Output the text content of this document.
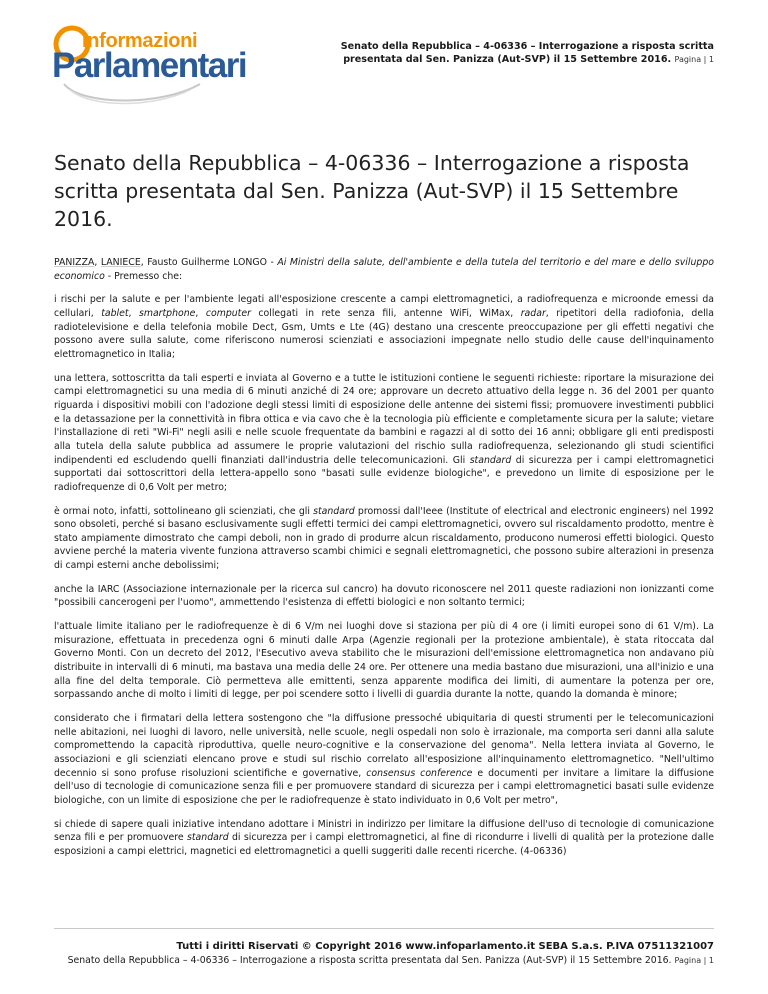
Informazioni
Parlamentari	Senato della Repubblica – 4-06336 – Interrogazione a risposta scritta
presentata dal Sen. Panizza (Aut-SVP) il 15 Settembre 2016. Pagina | 1
Senato della Repubblica – 4-06336 – Interrogazione a risposta
scritta presentata dal Sen. Panizza (Aut-SVP) il 15 Settembre 2016.

PANIZZA, LANIECE, Fausto Guilherme LONGO - Ai Ministri della salute, dell'ambiente e della tutela del territorio e del mare e dello sviluppo economico - Premesso che:

i rischi per la salute e per l'ambiente legati all'esposizione crescente a campi elettromagnetici, a radiofrequenza e microonde emessi da cellulari, tablet, smartphone, computer collegati in rete senza fili, antenne WiFi, WiMax, radar, ripetitori della radiofonia, della radiotelevisione e della telefonia mobile Dect, Gsm, Umts e Lte (4G) destano una crescente preoccupazione per gli effetti negativi che possono avere sulla salute, come riferiscono numerosi scienziati e associazioni impegnate nello studio delle cause dell'inquinamento elettromagnetico in Italia;

una lettera, sottoscritta da tali esperti e inviata al Governo e a tutte le istituzioni contiene le seguenti richieste: riportare la misurazione dei campi elettromagnetici su una media di 6 minuti anziché di 24 ore; approvare un decreto attuativo della legge n. 36 del 2001 per quanto riguarda i dispositivi mobili con l'adozione degli stessi limiti di esposizione delle antenne dei sistemi fissi; promuovere investimenti pubblici e la detassazione per la connettività in fibra ottica e via cavo che è la tecnologia più efficiente e completamente sicura per la salute; vietare l'installazione di reti "Wi-Fi" negli asili e nelle scuole frequentate da bambini e ragazzi al di sotto dei 16 anni; obbligare gli enti predisposti alla tutela della salute pubblica ad assumere le proprie valutazioni del rischio sulla radiofrequenza, selezionando gli studi scientifici indipendenti ed escludendo quelli finanziati dall'industria delle telecomunicazioni. Gli standard di sicurezza per i campi elettromagnetici supportati dai sottoscrittori della lettera-appello sono "basati sulle evidenze biologiche", e prevedono un limite di esposizione per le radiofrequenze di 0,6 Volt per metro;

è ormai noto, infatti, sottolineano gli scienziati, che gli standard promossi dall'Ieee (Institute of electrical and electronic engineers) nel 1992 sono obsoleti, perché si basano esclusivamente sugli effetti termici dei campi elettromagnetici, ovvero sul riscaldamento prodotto, mentre è stato ampiamente dimostrato che campi deboli, non in grado di produrre alcun riscaldamento, producono numerosi effetti biologici. Questo avviene perché la materia vivente funziona attraverso scambi chimici e segnali elettromagnetici, che possono subire alterazioni in presenza di campi esterni anche debolissimi;

anche la IARC (Associazione internazionale per la ricerca sul cancro) ha dovuto riconoscere nel 2011 queste radiazioni non ionizzanti come "possibili cancerogeni per l'uomo", ammettendo l'esistenza di effetti biologici e non soltanto termici;

l'attuale limite italiano per le radiofrequenze è di 6 V/m nei luoghi dove si staziona per più di 4 ore (i limiti europei sono di 61 V/m). La misurazione, effettuata in precedenza ogni 6 minuti dalle Arpa (Agenzie regionali per la protezione ambientale), è stata ritoccata dal Governo Monti. Con un decreto del 2012, l'Esecutivo aveva stabilito che le misurazioni dell'emissione elettromagnetica non andavano più distribuite in intervalli di 6 minuti, ma bastava una media delle 24 ore. Per ottenere una media bastano due misurazioni, una all'inizio e una alla fine del delta temporale. Ciò permetteva alle emittenti, senza apparente modifica dei limiti, di aumentare la potenza per ore, sorpassando anche di molto i limiti di legge, per poi scendere sotto i livelli di guardia durante la notte, quando la domanda è minore;

considerato che i firmatari della lettera sostengono che "la diffusione pressoché ubiquitaria di questi strumenti per le telecomunicazioni nelle abitazioni, nei luoghi di lavoro, nelle università, nelle scuole, negli ospedali non solo è irrazionale, ma comporta seri danni alla salute compromettendo la capacità riproduttiva, quelle neuro-cognitive e la conservazione del genoma". Nella lettera inviata al Governo, le associazioni e gli scienziati elencano prove e studi sul rischio correlato all'esposizione all'inquinamento elettromagnetico. "Nell'ultimo decennio si sono profuse risoluzioni scientifiche e governative, consensus conference e documenti per invitare a limitare la diffusione dell'uso di tecnologie di comunicazione senza fili e per promuovere standard di sicurezza per i campi elettromagnetici basati sulle evidenze biologiche, con un limite di esposizione che per le radiofrequenze è stato individuato in 0,6 Volt per metro",

si chiede di sapere quali iniziative intendano adottare i Ministri in indirizzo per limitare la diffusione dell'uso di tecnologie di comunicazione senza fili e per promuovere standard di sicurezza per i campi elettromagnetici, al fine di ricondurre i livelli di qualità per la protezione dalle esposizioni a campi elettrici, magnetici ed elettromagnetici a quelli suggeriti dalle recenti ricerche. (4-06336)

Tutti i diritti Riservati © Copyright 2016 www.infoparlamento.it SEBA S.a.s. P.IVA 07511321007
Senato della Repubblica – 4-06336 – Interrogazione a risposta scritta presentata dal Sen. Panizza (Aut-SVP) il 15 Settembre 2016. Pagina | 1
